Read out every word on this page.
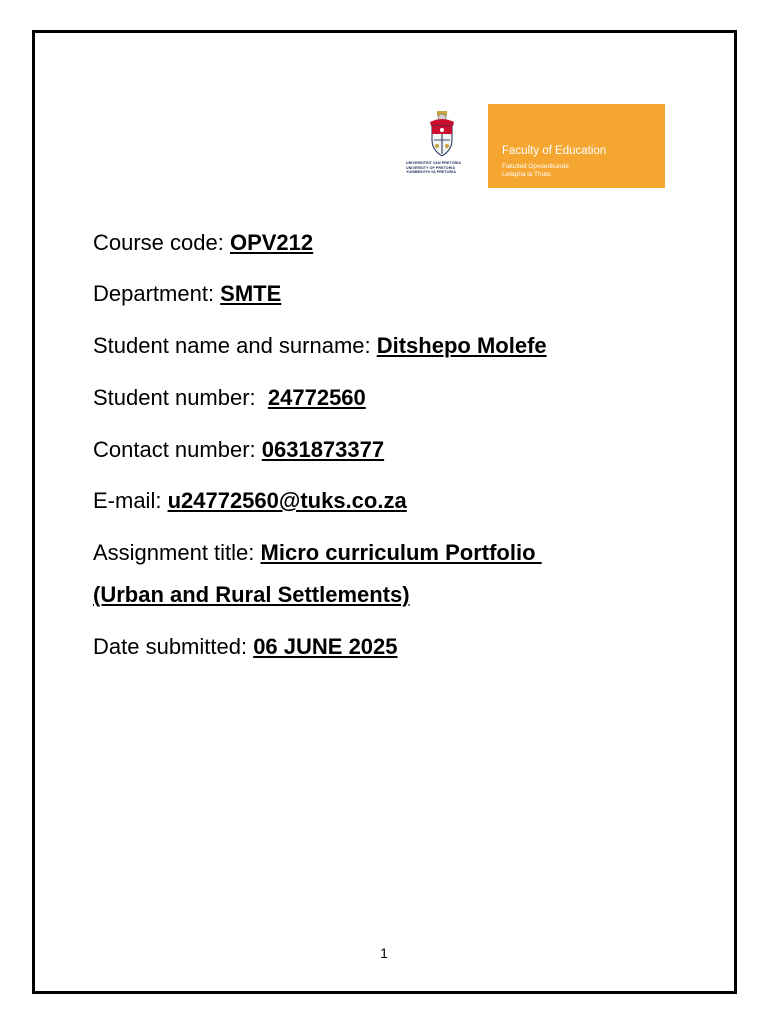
UNIVERSITEIT VAN PRETORIA
UNIVERSITY OF PRETORIA
YUNIBESITHI YA PRETORIA
Faculty of Education
Fakulteit Opvoedkunde
Lefapha la Thuto
Course code: OPV212
Department: SMTE
Student name and surname: Ditshepo Molefe
Student number:  24772560
Contact number: 0631873377
E-mail: u24772560@tuks.co.za
Assignment title: Micro curriculum Portfolio
(Urban and Rural Settlements)
Date submitted: 06 JUNE 2025
1
